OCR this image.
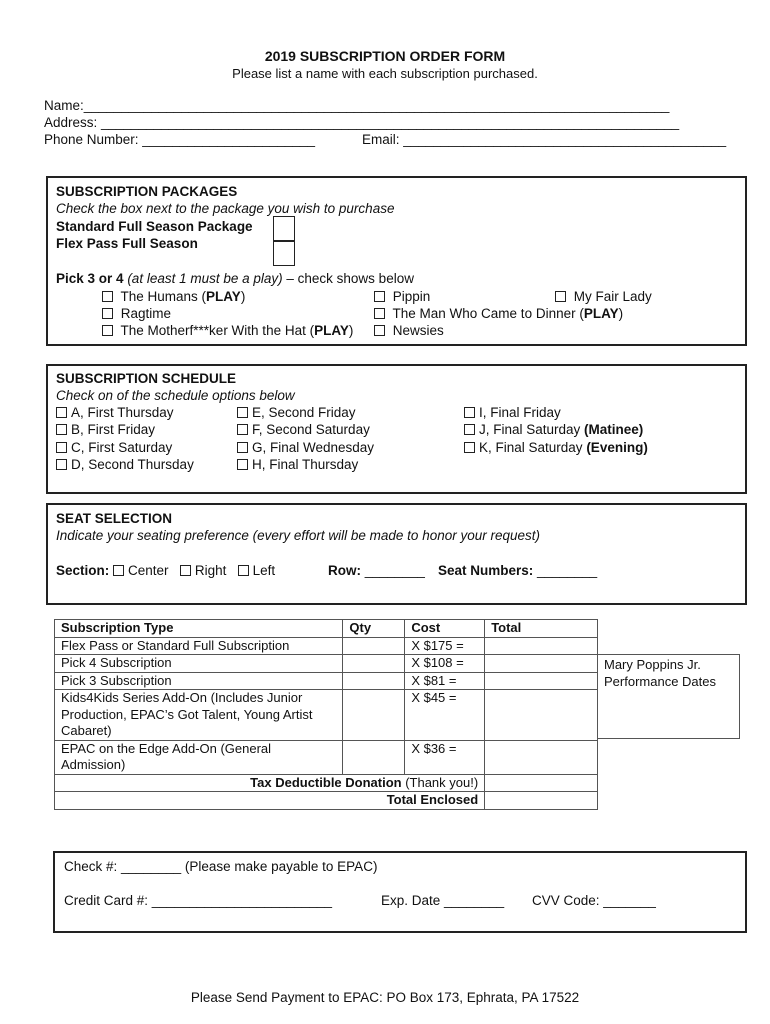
2019 SUBSCRIPTION ORDER FORM
Please list a name with each subscription purchased.
Name:______________________________________________________________________________
Address: _____________________________________________________________________________
Phone Number: _______________________	Email: ___________________________________________
SUBSCRIPTION PACKAGES
Check the box next to the package you wish to purchase
Standard Full Season Package
Flex Pass Full Season
Pick 3 or 4 (at least 1 must be a play) – check shows below
The Humans (PLAY)
Ragtime
The Motherf***ker With the Hat (PLAY)
Pippin
The Man Who Came to Dinner (PLAY)
Newsies
My Fair Lady
SUBSCRIPTION SCHEDULE
Check on of the schedule options below
A, First Thursday
B, First Friday
C, First Saturday
D, Second Thursday
E, Second Friday
F, Second Saturday
G, Final Wednesday
H, Final Thursday
I, Final Friday
J, Final Saturday (Matinee)
K, Final Saturday (Evening)
SEAT SELECTION
Indicate your seating preference (every effort will be made to honor your request)
Section: Center Right Left	Row: ________ Seat Numbers: ________
Subscription Type	Qty	Cost	Total
Flex Pass or Standard Full Subscription		X $175 =	
Pick 4 Subscription		X $108 =	
Pick 3 Subscription		X $81 =	
Kids4Kids Series Add-On (Includes Junior Production, EPAC’s Got Talent, Young Artist Cabaret)		X $45 =	
EPAC on the Edge Add-On (General Admission)		X $36 =	
Tax Deductible Donation (Thank you!)			
Total Enclosed			
Mary Poppins Jr. Performance Dates
Check #: ________ (Please make payable to EPAC)
Credit Card #: ________________________	Exp. Date ________ CVV Code: _______
Please Send Payment to EPAC: PO Box 173, Ephrata, PA 17522
